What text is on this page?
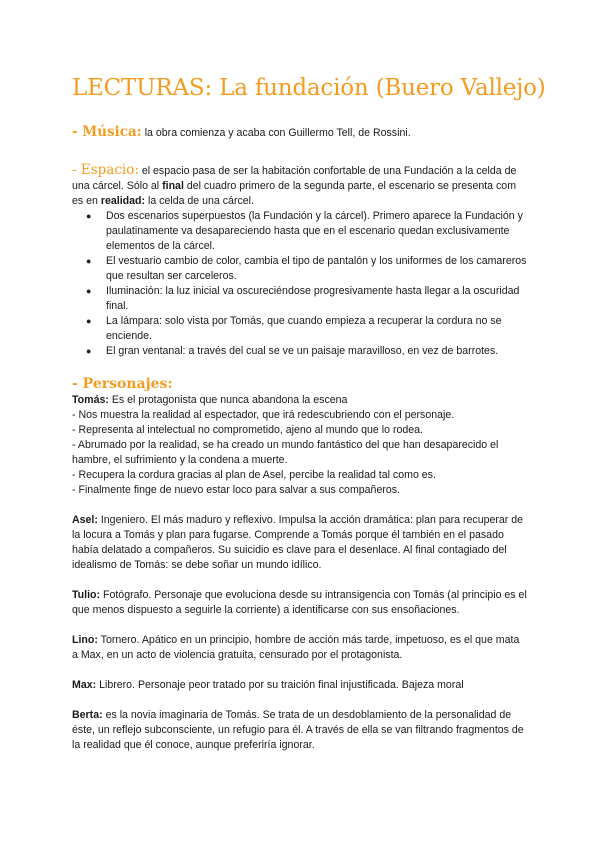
LECTURAS: La fundación (Buero Vallejo)

- Música: la obra comienza y acaba con Guillermo Tell, de Rossini.

- Espacio: el espacio pasa de ser la habitación confortable de una Fundación a la celda de una cárcel. Sólo al final del cuadro primero de la segunda parte, el escenario se presenta com es en realidad: la celda de una cárcel.

● Dos escenarios superpuestos (la Fundación y la cárcel). Primero aparece la Fundación y paulatinamente va desapareciendo hasta que en el escenario quedan exclusivamente elementos de la cárcel.
● El vestuario cambio de color, cambia el tipo de pantalón y los uniformes de los camareros que resultan ser carceleros.
● Iluminación: la luz inicial va oscureciéndose progresivamente hasta llegar a la oscuridad final.
● La lámpara: solo vista por Tomás, que cuando empieza a recuperar la cordura no se enciende.
● El gran ventanal: a través del cual se ve un paisaje maravilloso, en vez de barrotes.
- Personajes:
Tomás: Es el protagonista que nunca abandona la escena
- Nos muestra la realidad al espectador, que irá redescubriendo con el personaje.
- Representa al intelectual no comprometido, ajeno al mundo que lo rodea.
- Abrumado por la realidad, se ha creado un mundo fantástico del que han desaparecido el hambre, el sufrimiento y la condena a muerte.
- Recupera la cordura gracias al plan de Asel, percibe la realidad tal como es.
- Finalmente finge de nuevo estar loco para salvar a sus compañeros.

Asel: Ingeniero. El más maduro y reflexivo. Impulsa la acción dramática: plan para recuperar de la locura a Tomás y plan para fugarse. Comprende a Tomás porque él también en el pasado había delatado a compañeros. Su suicidio es clave para el desenlace. Al final contagiado del idealismo de Tomás: se debe soñar un mundo idílico.

Tulio: Fotógrafo. Personaje que evoluciona desde su intransigencia con Tomás (al principio es el que menos dispuesto a seguirle la corriente) a identificarse con sus ensoñaciones.

Lino: Tornero. Apático en un principio, hombre de acción más tarde, impetuoso, es el que mata a Max, en un acto de violencia gratuita, censurado por el protagonista.

Max: Librero. Personaje peor tratado por su traición final injustificada. Bajeza moral

Berta: es la novia imaginaria de Tomás. Se trata de un desdoblamiento de la personalidad de éste, un reflejo subconsciente, un refugio para él. A través de ella se van filtrando fragmentos de la realidad que él conoce, aunque preferiría ignorar.
